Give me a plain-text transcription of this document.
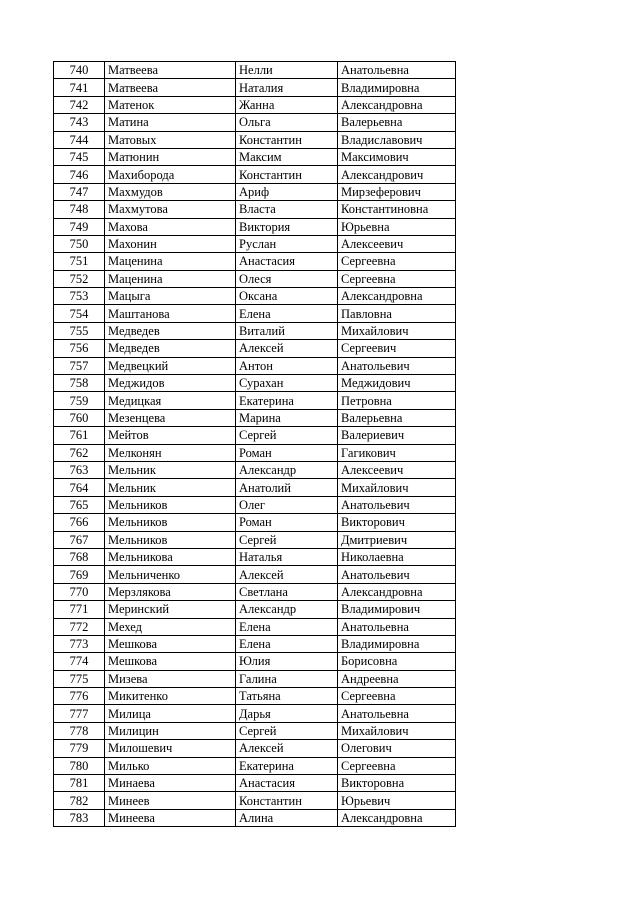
740	Матвеева	Нелли	Анатольевна
741	Матвеева	Наталия	Владимировна
742	Матенок	Жанна	Александровна
743	Матина	Ольга	Валерьевна
744	Матовых	Константин	Владиславович
745	Матюнин	Максим	Максимович
746	Махиборода	Константин	Александрович
747	Махмудов	Ариф	Мирзеферович
748	Махмутова	Власта	Константиновна
749	Махова	Виктория	Юрьевна
750	Махонин	Руслан	Алексеевич
751	Маценина	Анастасия	Сергеевна
752	Маценина	Олеся	Сергеевна
753	Мацыга	Оксана	Александровна
754	Маштанова	Елена	Павловна
755	Медведев	Виталий	Михайлович
756	Медведев	Алексей	Сергеевич
757	Медвецкий	Антон	Анатольевич
758	Меджидов	Сурахан	Меджидович
759	Медицкая	Екатерина	Петровна
760	Мезенцева	Марина	Валерьевна
761	Мейтов	Сергей	Валериевич
762	Мелконян	Роман	Гагикович
763	Мельник	Александр	Алексеевич
764	Мельник	Анатолий	Михайлович
765	Мельников	Олег	Анатольевич
766	Мельников	Роман	Викторович
767	Мельников	Сергей	Дмитриевич
768	Мельникова	Наталья	Николаевна
769	Мельниченко	Алексей	Анатольевич
770	Мерзлякова	Светлана	Александровна
771	Меринский	Александр	Владимирович
772	Мехед	Елена	Анатольевна
773	Мешкова	Елена	Владимировна
774	Мешкова	Юлия	Борисовна
775	Мизева	Галина	Андреевна
776	Микитенко	Татьяна	Сергеевна
777	Милица	Дарья	Анатольевна
778	Милицин	Сергей	Михайлович
779	Милошевич	Алексей	Олегович
780	Милько	Екатерина	Сергеевна
781	Минаева	Анастасия	Викторовна
782	Минеев	Константин	Юрьевич
783	Минеева	Алина	Александровна
